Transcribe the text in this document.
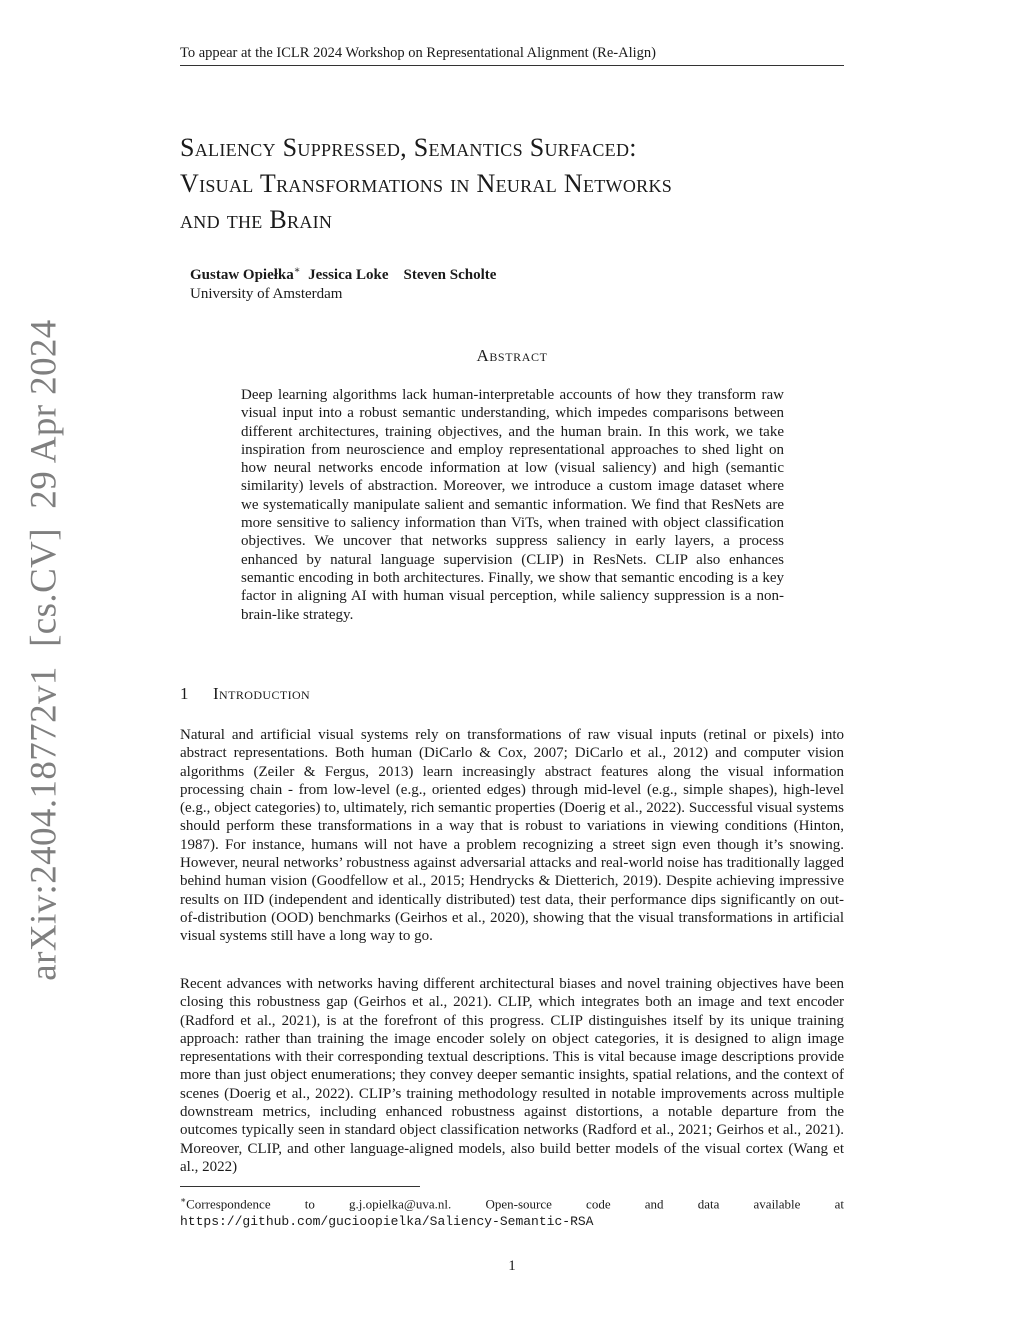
To appear at the ICLR 2024 Workshop on Representational Alignment (Re-Align)
Saliency Suppressed, Semantics Surfaced:
Visual Transformations in Neural Networks
and the Brain
Gustaw Opiełka∗ Jessica Loke    Steven Scholte
University of Amsterdam
Abstract

Deep learning algorithms lack human-interpretable accounts of how they transform raw visual input into a robust semantic understanding, which impedes comparisons between different architectures, training objectives, and the human brain. In this work, we take inspiration from neuroscience and employ representational approaches to shed light on how neural networks encode information at low (visual saliency) and high (semantic similarity) levels of abstraction. Moreover, we introduce a custom image dataset where we systematically manipulate salient and semantic information. We find that ResNets are more sensitive to saliency information than ViTs, when trained with object classification objectives. We uncover that networks suppress saliency in early layers, a process enhanced by natural language supervision (CLIP) in ResNets. CLIP also enhances semantic encoding in both architectures. Finally, we show that semantic encoding is a key factor in aligning AI with human visual perception, while saliency suppression is a non-brain-like strategy.

1 Introduction

Natural and artificial visual systems rely on transformations of raw visual inputs (retinal or pixels) into abstract representations. Both human (DiCarlo & Cox, 2007; DiCarlo et al., 2012) and computer vision algorithms (Zeiler & Fergus, 2013) learn increasingly abstract features along the visual information processing chain - from low-level (e.g., oriented edges) through mid-level (e.g., simple shapes), high-level (e.g., object categories) to, ultimately, rich semantic properties (Doerig et al., 2022). Successful visual systems should perform these transformations in a way that is robust to variations in viewing conditions (Hinton, 1987). For instance, humans will not have a problem recognizing a street sign even though it’s snowing. However, neural networks’ robustness against adversarial attacks and real-world noise has traditionally lagged behind human vision (Goodfellow et al., 2015; Hendrycks & Dietterich, 2019). Despite achieving impressive results on IID (independent and identically distributed) test data, their performance dips significantly on out-of-distribution (OOD) benchmarks (Geirhos et al., 2020), showing that the visual transformations in artificial visual systems still have a long way to go.

Recent advances with networks having different architectural biases and novel training objectives have been closing this robustness gap (Geirhos et al., 2021). CLIP, which integrates both an image and text encoder (Radford et al., 2021), is at the forefront of this progress. CLIP distinguishes itself by its unique training approach: rather than training the image encoder solely on object categories, it is designed to align image representations with their corresponding textual descriptions. This is vital because image descriptions provide more than just object enumerations; they convey deeper semantic insights, spatial relations, and the context of scenes (Doerig et al., 2022). CLIP’s training methodology resulted in notable improvements across multiple downstream metrics, including enhanced robustness against distortions, a notable departure from the outcomes typically seen in standard object classification networks (Radford et al., 2021; Geirhos et al., 2021). Moreover, CLIP, and other language-aligned models, also build better models of the visual cortex (Wang et al., 2022)

∗Correspondence to g.j.opielka@uva.nl. Open-source code and data available at https://github.com/gucioopielka/Saliency-Semantic-RSA

1
arXiv:2404.18772v1  [cs.CV]  29 Apr 2024
